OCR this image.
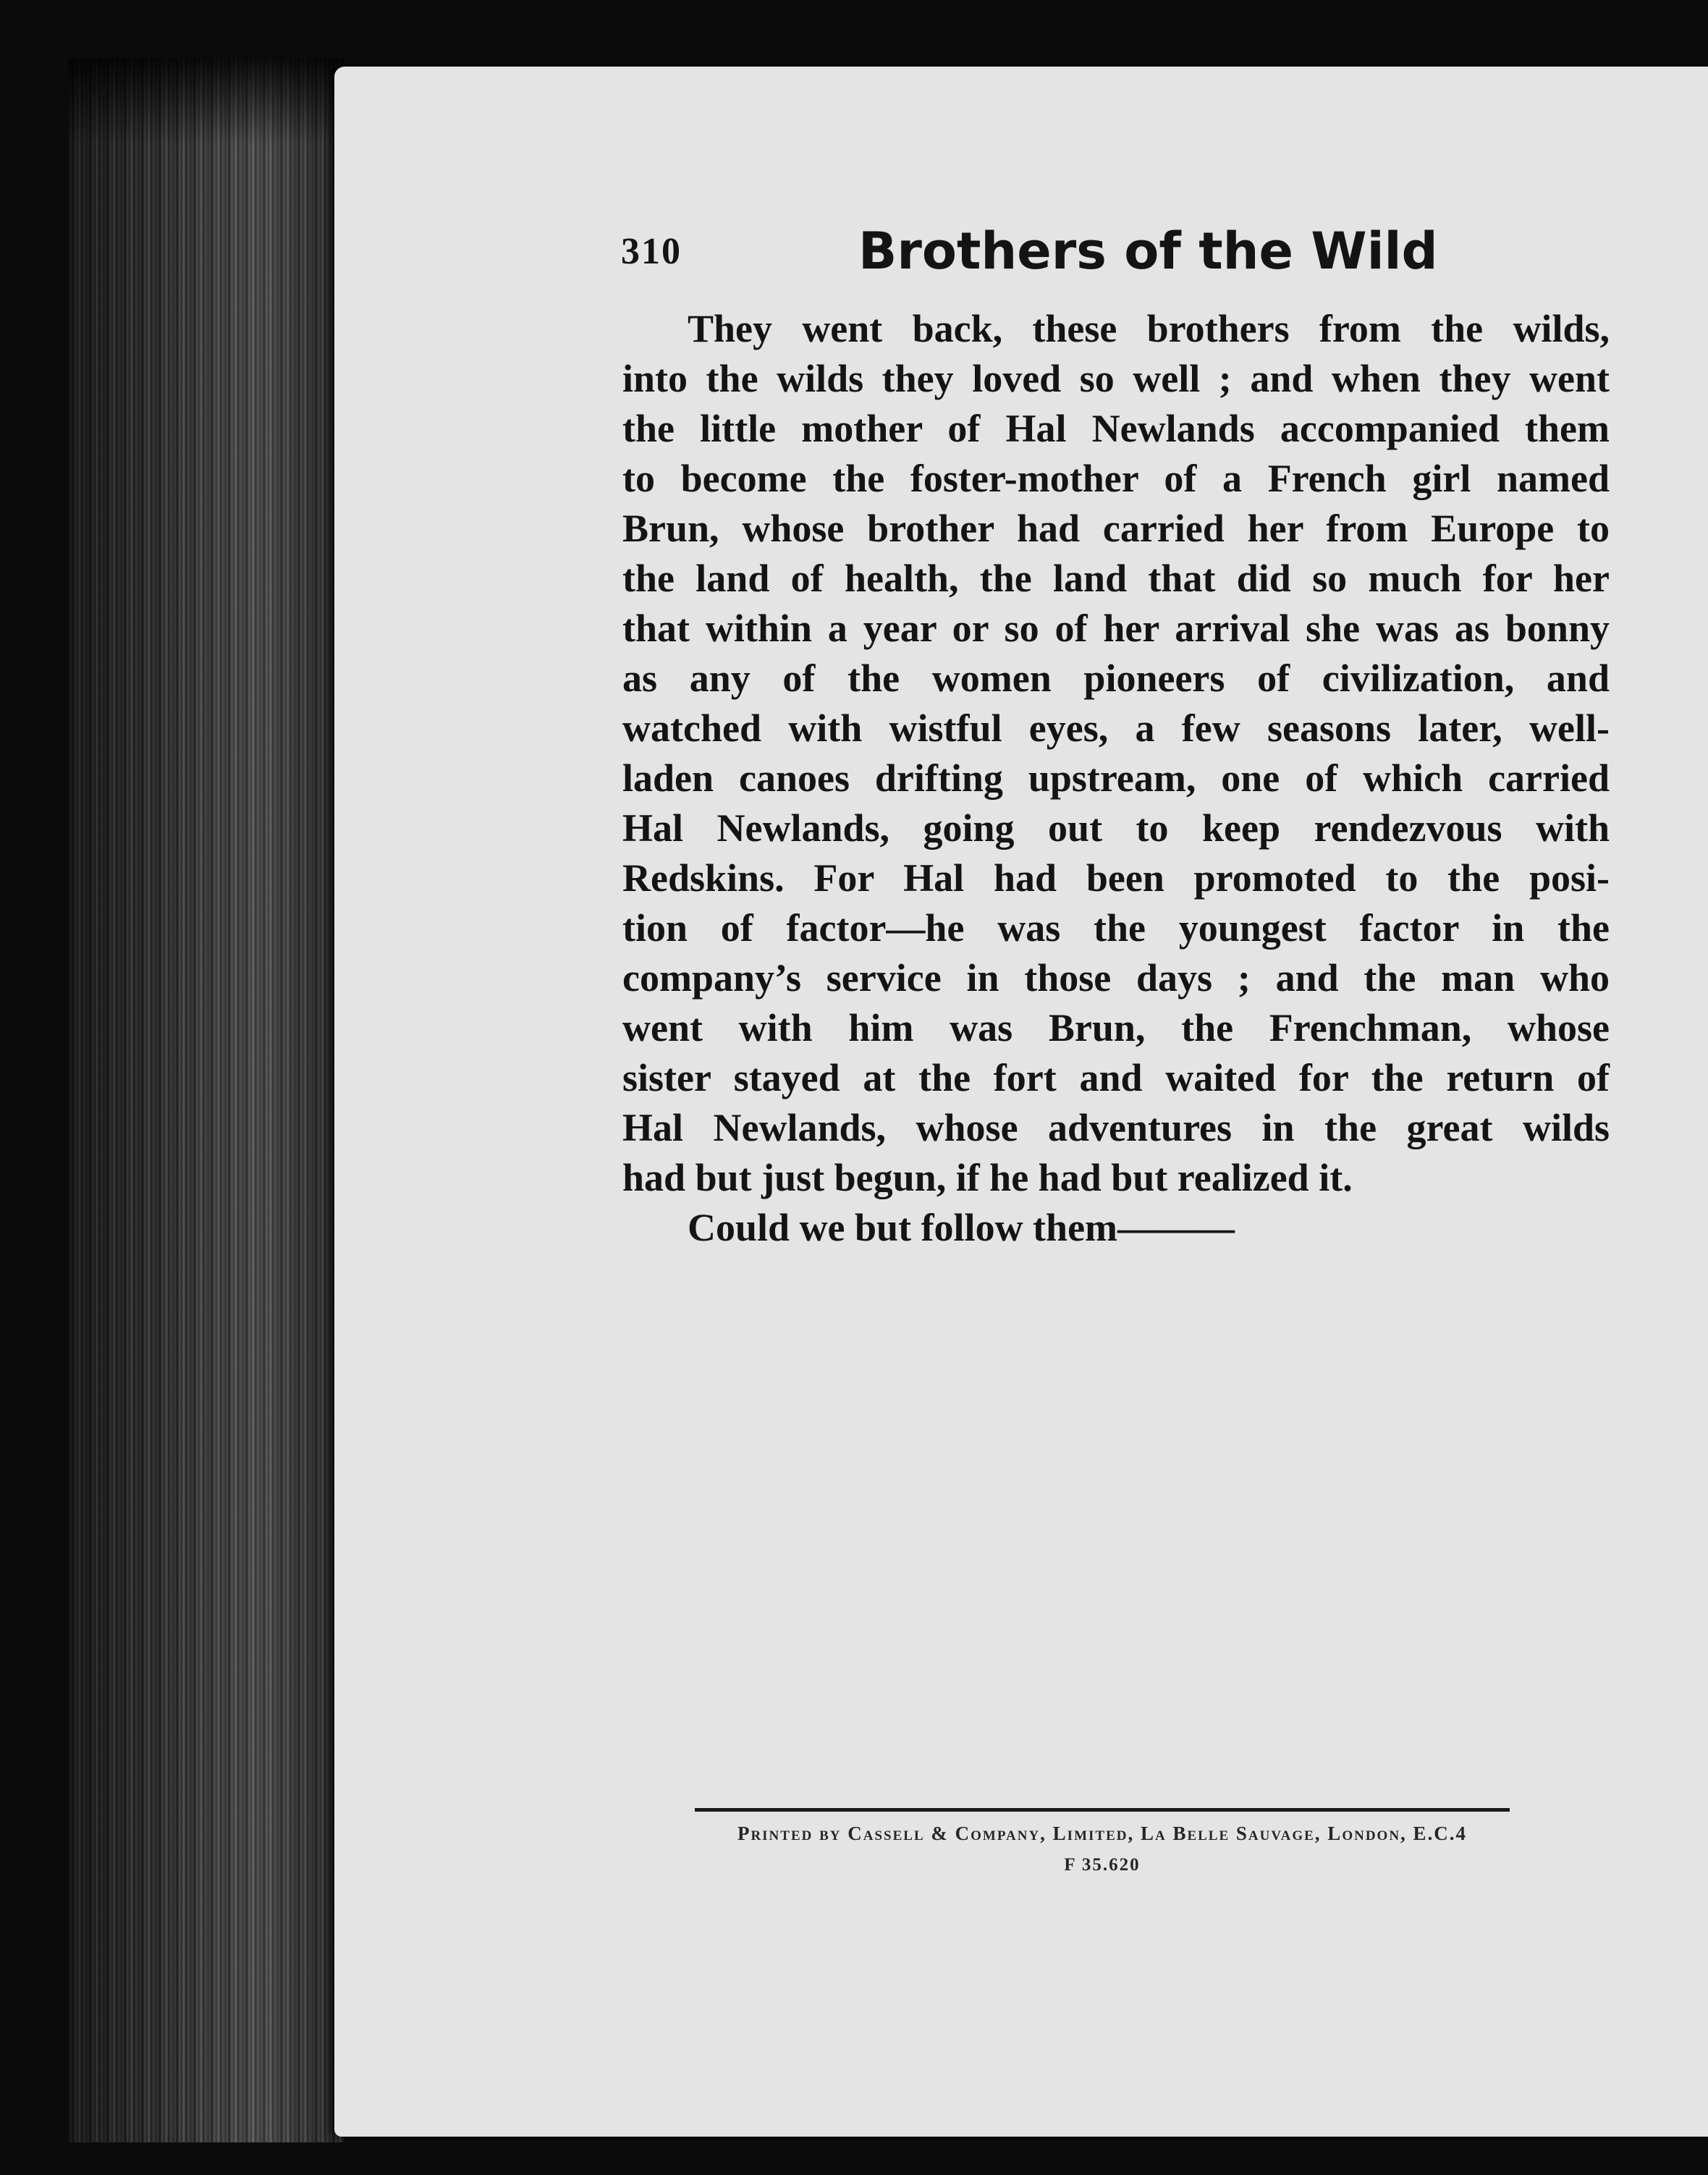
310	Brothers of the Wild
They went back, these brothers from the wilds,
into the wilds they loved so well ; and when they went
the little mother of Hal Newlands accompanied them
to become the foster-mother of a French girl named
Brun, whose brother had carried her from Europe to
the land of health, the land that did so much for her
that within a year or so of her arrival she was as bonny
as any of the women pioneers of civilization, and
watched with wistful eyes, a few seasons later, well-
laden canoes drifting upstream, one of which carried
Hal Newlands, going out to keep rendezvous with
Redskins. For Hal had been promoted to the posi-
tion of factor—he was the youngest factor in the
company’s service in those days ; and the man who
went with him was Brun, the Frenchman, whose
sister stayed at the fort and waited for the return of
Hal Newlands, whose adventures in the great wilds
had but just begun, if he had but realized it.
Could we but follow them———
Printed by Cassell & Company, Limited, La Belle Sauvage, London, E.C.4
F 35.620
